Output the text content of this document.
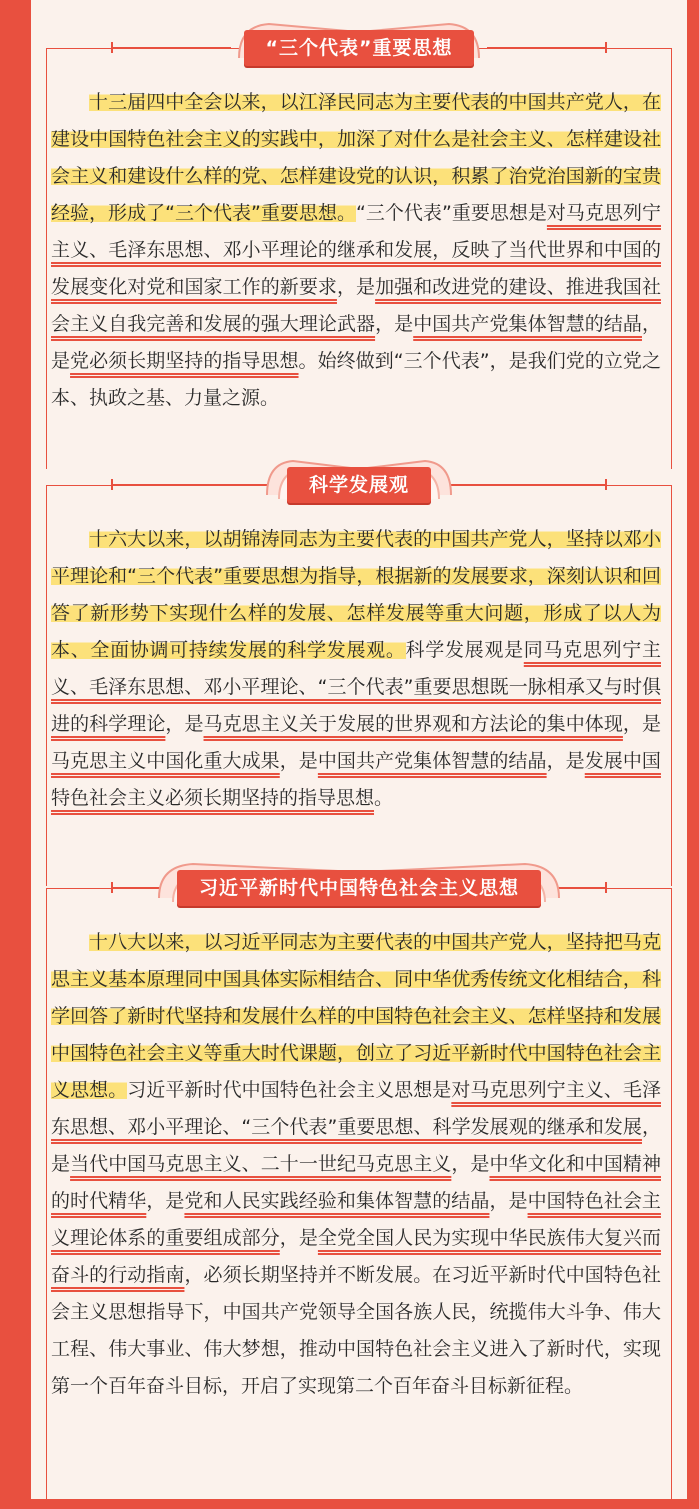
“三个代表”重要思想

十三届四中全会以来，以江泽民同志为主要代表的中国共产党人，在建设中国特色社会主义的实践中，加深了对什么是社会主义、怎样建设社会主义和建设什么样的党、怎样建设党的认识，积累了治党治国新的宝贵经验，形成了“三个代表”重要思想。“三个代表”重要思想是对马克思列宁主义、毛泽东思想、邓小平理论的继承和发展，反映了当代世界和中国的发展变化对党和国家工作的新要求，是加强和改进党的建设、推进我国社会主义自我完善和发展的强大理论武器，是中国共产党集体智慧的结晶，是党必须长期坚持的指导思想。始终做到“三个代表”，是我们党的立党之本、执政之基、力量之源。

科学发展观

十六大以来，以胡锦涛同志为主要代表的中国共产党人，坚持以邓小平理论和“三个代表”重要思想为指导，根据新的发展要求，深刻认识和回答了新形势下实现什么样的发展、怎样发展等重大问题，形成了以人为本、全面协调可持续发展的科学发展观。科学发展观是同马克思列宁主义、毛泽东思想、邓小平理论、“三个代表”重要思想既一脉相承又与时俱进的科学理论，是马克思主义关于发展的世界观和方法论的集中体现，是马克思主义中国化重大成果，是中国共产党集体智慧的结晶，是发展中国特色社会主义必须长期坚持的指导思想。

习近平新时代中国特色社会主义思想

十八大以来，以习近平同志为主要代表的中国共产党人，坚持把马克思主义基本原理同中国具体实际相结合、同中华优秀传统文化相结合，科学回答了新时代坚持和发展什么样的中国特色社会主义、怎样坚持和发展中国特色社会主义等重大时代课题，创立了习近平新时代中国特色社会主义思想。习近平新时代中国特色社会主义思想是对马克思列宁主义、毛泽东思想、邓小平理论、“三个代表”重要思想、科学发展观的继承和发展，是当代中国马克思主义、二十一世纪马克思主义，是中华文化和中国精神的时代精华，是党和人民实践经验和集体智慧的结晶，是中国特色社会主义理论体系的重要组成部分，是全党全国人民为实现中华民族伟大复兴而奋斗的行动指南，必须长期坚持并不断发展。在习近平新时代中国特色社会主义思想指导下，中国共产党领导全国各族人民，统揽伟大斗争、伟大工程、伟大事业、伟大梦想，推动中国特色社会主义进入了新时代，实现第一个百年奋斗目标，开启了实现第二个百年奋斗目标新征程。
